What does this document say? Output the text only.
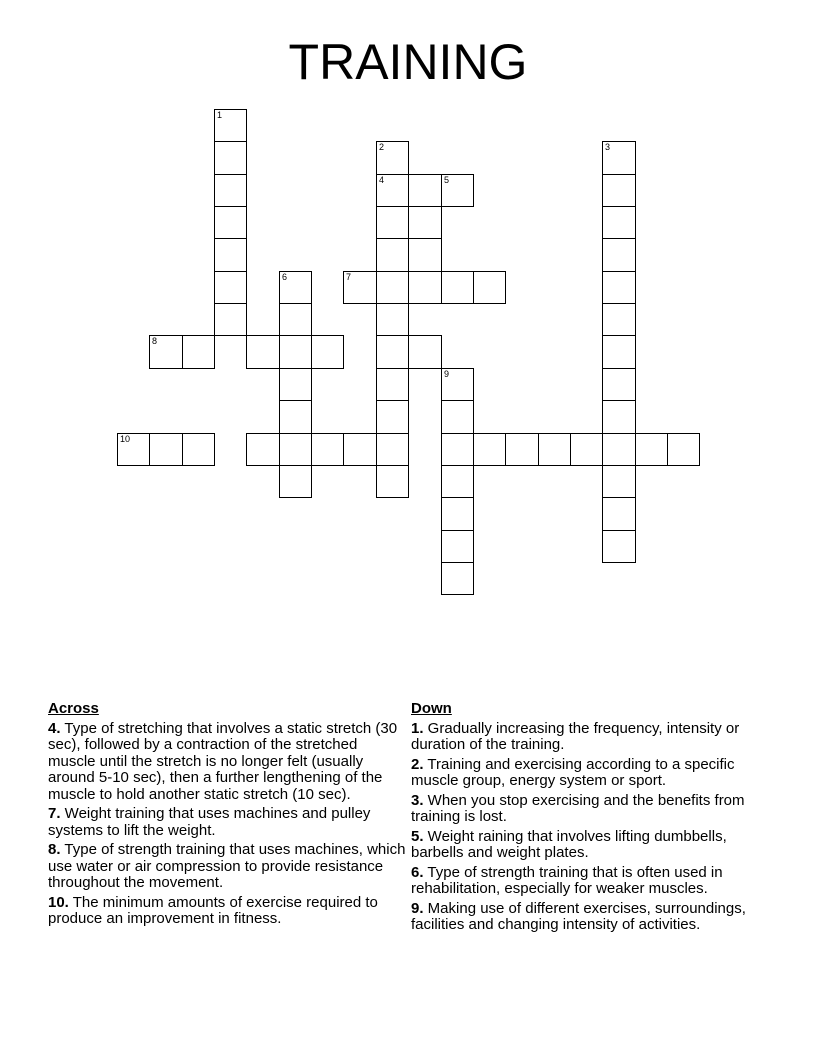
TRAINING
1
2
4
3
5
6	7
8
9
10
Across
4. Type of stretching that involves a static stretch (30 sec), followed by a contraction of the stretched muscle until the stretch is no longer felt (usually around 5-10 sec), then a further lengthening of the muscle to hold another static stretch (10 sec).
7. Weight training that uses machines and pulley systems to lift the weight.
8. Type of strength training that uses machines, which use water or air compression to provide resistance throughout the movement.
10. The minimum amounts of exercise required to produce an improvement in fitness.
Down
1. Gradually increasing the frequency, intensity or duration of the training.
2. Training and exercising according to a specific muscle group, energy system or sport.
3. When you stop exercising and the benefits from training is lost.
5. Weight raining that involves lifting dumbbells, barbells and weight plates.
6. Type of strength training that is often used in rehabilitation, especially for weaker muscles.
9. Making use of different exercises, surroundings, facilities and changing intensity of activities.
